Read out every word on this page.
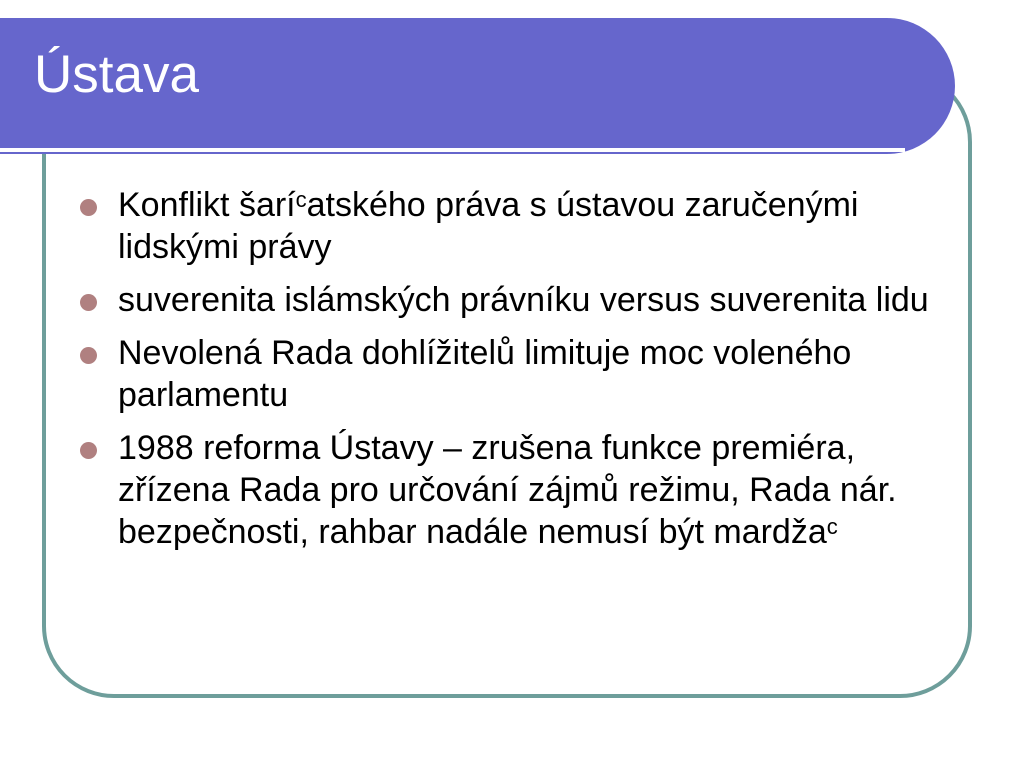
Ústava
Konflikt šarí$^c$atského práva s ústavou zaručenými lidskými právy
suverenita islámských právníku versus suverenita lidu
Nevolená Rada dohlížitelů limituje moc voleného parlamentu
1988 reforma Ústavy – zrušena funkce premiéra, zřízena Rada pro určování zájmů režimu, Rada nár. bezpečnosti, rahbar nadále nemusí být mardža$^c$
